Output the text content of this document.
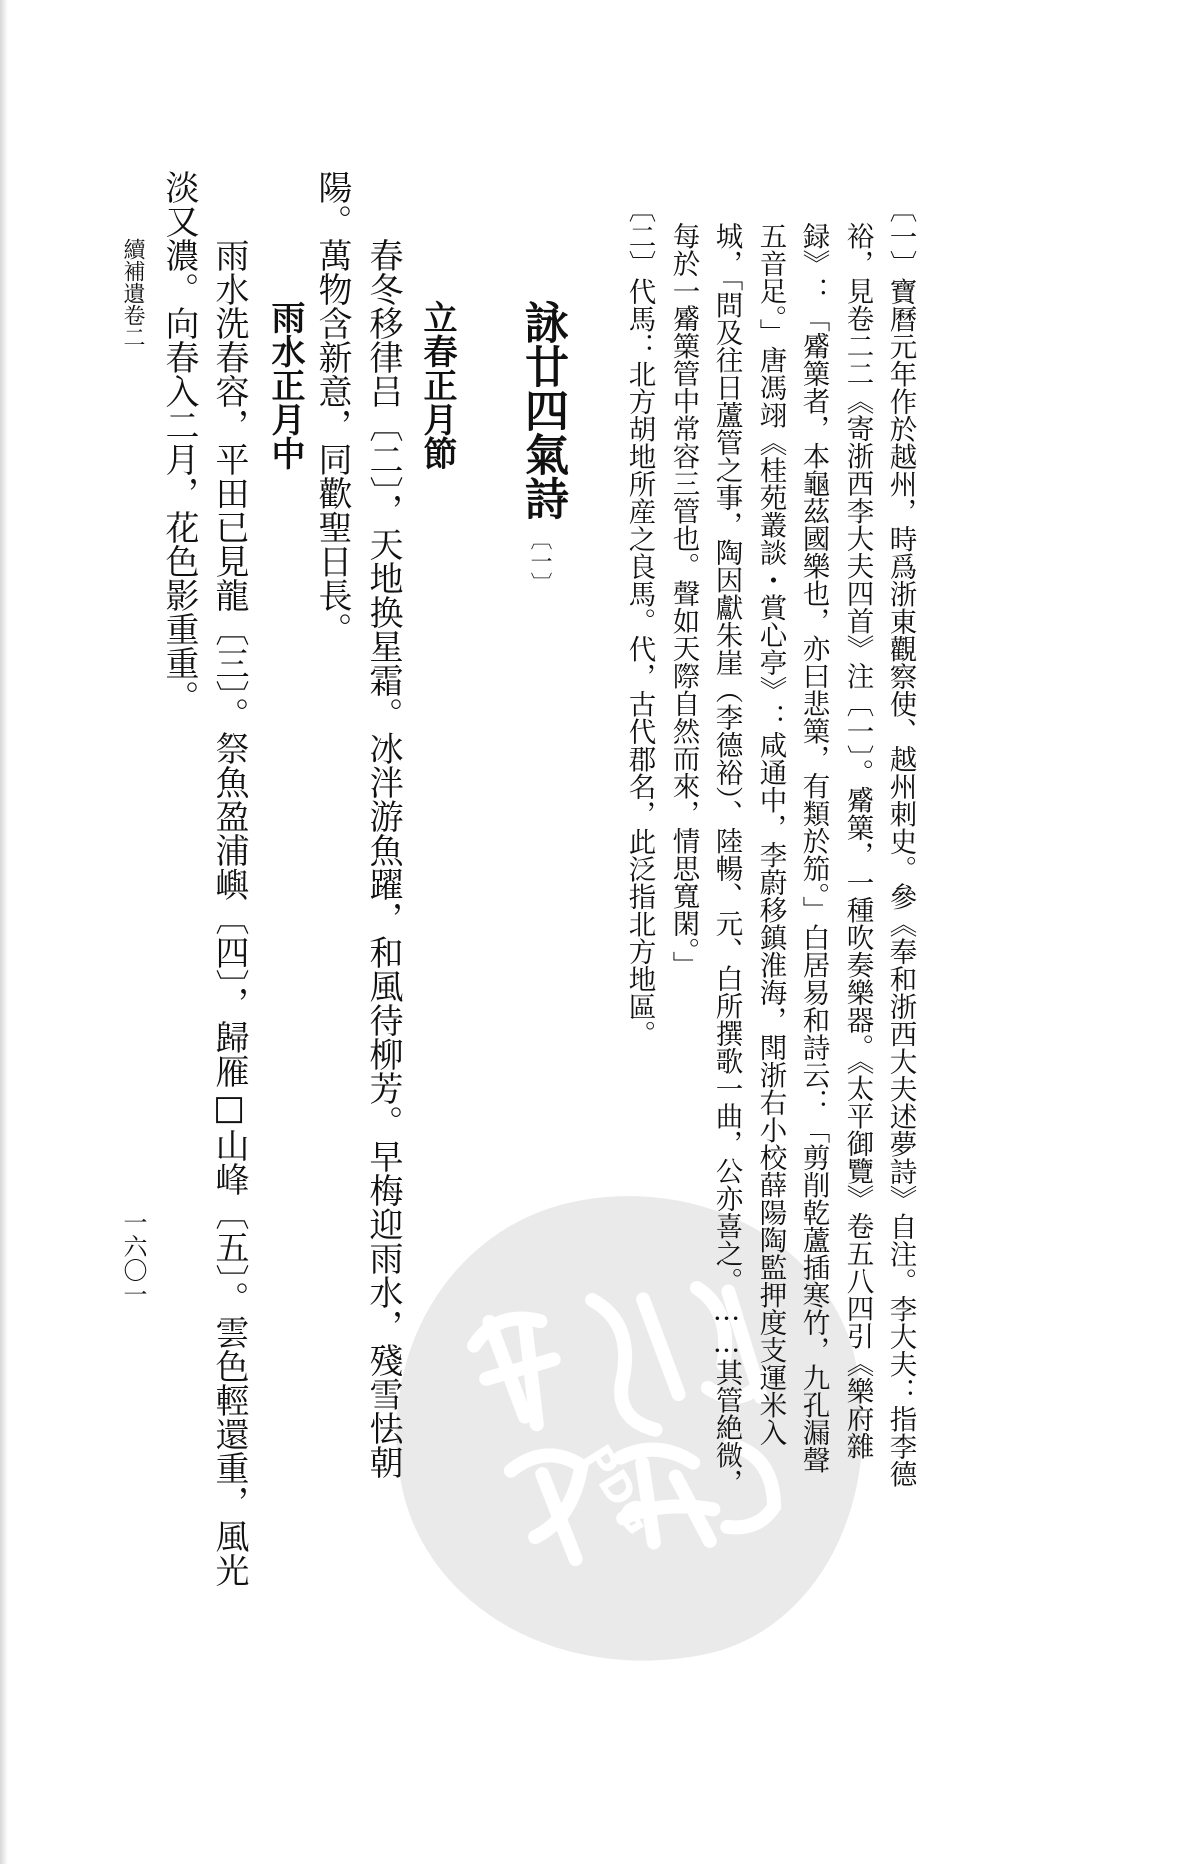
PDG
〔一〕寶曆元年作於越州，時爲浙東觀察使、越州刺史。參《奉和浙西大夫述夢詩》自注。李大夫：指李德
裕，見卷二二《寄浙西李大夫四首》注〔一〕。觱篥，一種吹奏樂器。《太平御覽》卷五八四引《樂府雜
録》：「觱篥者，本龜茲國樂也，亦曰悲篥，有類於笳。」白居易和詩云：「剪削乾蘆插寒竹，九孔漏聲
五音足。」唐馮翊《桂苑叢談・賞心亭》：咸通中，李蔚移鎮淮海，閗浙右小校薛陽陶監押度支運米入
城，「問及往日蘆管之事，陶因獻朱崖（李德裕）、陸暢、元、白所撰歌一曲，公亦喜之。……其管絶微，
每於一觱篥管中常容三管也。聲如天際自然而來，情思寬閑。」
〔二〕代馬：北方胡地所産之良馬。代，古代郡名，此泛指北方地區。
詠廿四氣詩
〔一〕
立春正月節
春冬移律吕〔二〕，天地换星霜。冰泮游魚躍，和風待柳芳。早梅迎雨水，殘雪怯朝
陽。萬物含新意，同歡聖日長。
雨水正月中
雨水洗春容，平田已見龍〔三〕。祭魚盈浦嶼〔四〕，歸雁□山峰〔五〕。雲色輕還重，風光
淡又濃。向春入二月，花色影重重。
續補遺卷二
一六〇一
